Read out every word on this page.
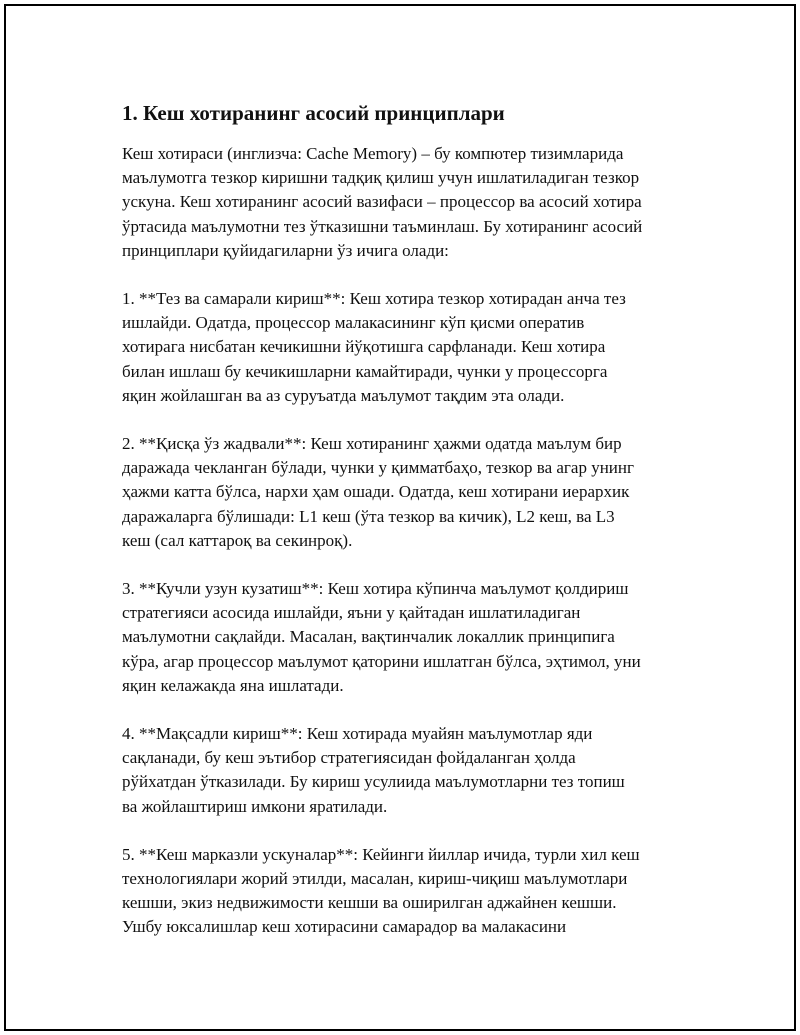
1. Кеш хотиранинг асосий принциплари

Кеш хотираси (инглизча: Cache Memory) – бу компютер тизимларида
маълумотга тезкор киришни тадқиқ қилиш учун ишлатиладиган тезкор
ускуна. Кеш хотиранинг асосий вазифаси – процессор ва асосий хотира
ўртасида маълумотни тез ўтказишни таъминлаш. Бу хотиранинг асосий
принциплари қуйидагиларни ўз ичига олади:

1. **Тез ва самарали кириш**: Кеш хотира тезкор хотирадан анча тез
ишлайди. Одатда, процессор малакасининг кўп қисми оператив
хотирага нисбатан кечикишни йўқотишга сарфланади. Кеш хотира
билан ишлаш бу кечикишларни камайтиради, чунки у процессорга
яқин жойлашган ва аз суруъатда маълумот тақдим эта олади.

2. **Қисқа ўз жадвали**: Кеш хотиранинг ҳажми одатда маълум бир
даражада чекланган бўлади, чунки у қимматбаҳо, тезкор ва агар унинг
ҳажми катта бўлса, нархи ҳам ошади. Одатда, кеш хотирани иерархик
даражаларга бўлишади: L1 кеш (ўта тезкор ва кичик), L2 кеш, ва L3
кеш (сал каттароқ ва секинроқ).

3. **Кучли узун кузатиш**: Кеш хотира кўпинча маълумот қолдириш
стратегияси асосида ишлайди, яъни у қайтадан ишлатиладиган
маълумотни сақлайди. Масалан, вақтинчалик локаллик принципига
кўра, агар процессор маълумот қаторини ишлатган бўлса, эҳтимол, уни
яқин келажакда яна ишлатади.

4. **Мақсадли кириш**: Кеш хотирада муайян маълумотлар яди
сақланади, бу кеш эътибор стратегиясидан фойдаланган ҳолда
рўйхатдан ўтказилади. Бу кириш усулиида маълумотларни тез топиш
ва жойлаштириш имкони яратилади.

5. **Кеш марказли ускуналар**: Кейинги йиллар ичида, турли хил кеш
технологиялари жорий этилди, масалан, кириш-чиқиш маълумотлари
кешши, экиз недвижимости кешши ва оширилган аджайнен кешши.
Ушбу юксалишлар кеш хотирасини самарадор ва малакасини
